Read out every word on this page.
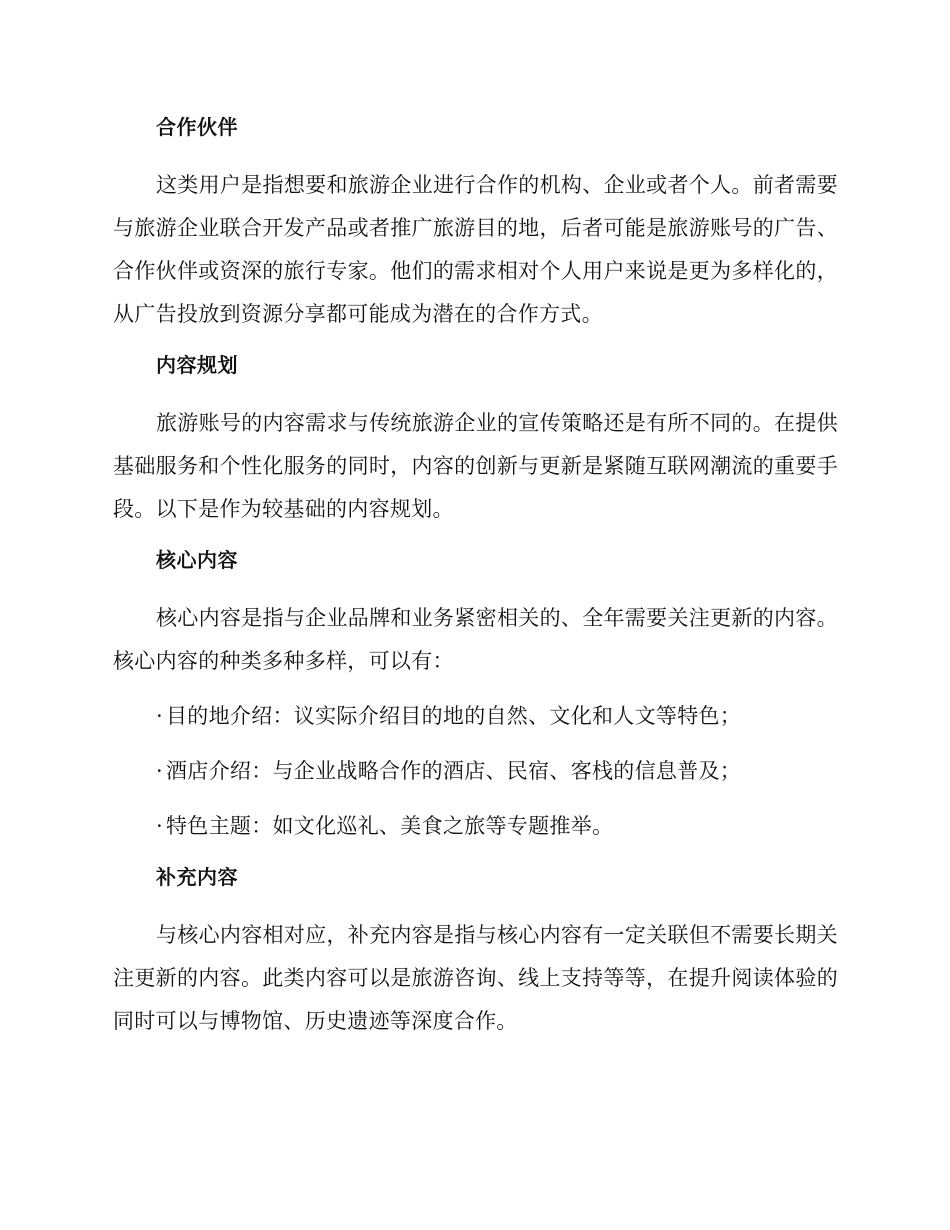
合作伙伴

这类用户是指想要和旅游企业进行合作的机构、企业或者个人。前者需要与旅游企业联合开发产品或者推广旅游目的地，后者可能是旅游账号的广告、合作伙伴或资深的旅行专家。他们的需求相对个人用户来说是更为多样化的，从广告投放到资源分享都可能成为潜在的合作方式。

内容规划

旅游账号的内容需求与传统旅游企业的宣传策略还是有所不同的。在提供基础服务和个性化服务的同时，内容的创新与更新是紧随互联网潮流的重要手段。以下是作为较基础的内容规划。

核心内容

核心内容是指与企业品牌和业务紧密相关的、全年需要关注更新的内容。核心内容的种类多种多样，可以有：

· 目的地介绍：议实际介绍目的地的自然、文化和人文等特色；
· 酒店介绍：与企业战略合作的酒店、民宿、客栈的信息普及；
· 特色主题：如文化巡礼、美食之旅等专题推举。
补充内容

与核心内容相对应，补充内容是指与核心内容有一定关联但不需要长期关注更新的内容。此类内容可以是旅游咨询、线上支持等等，在提升阅读体验的同时可以与博物馆、历史遗迹等深度合作。
